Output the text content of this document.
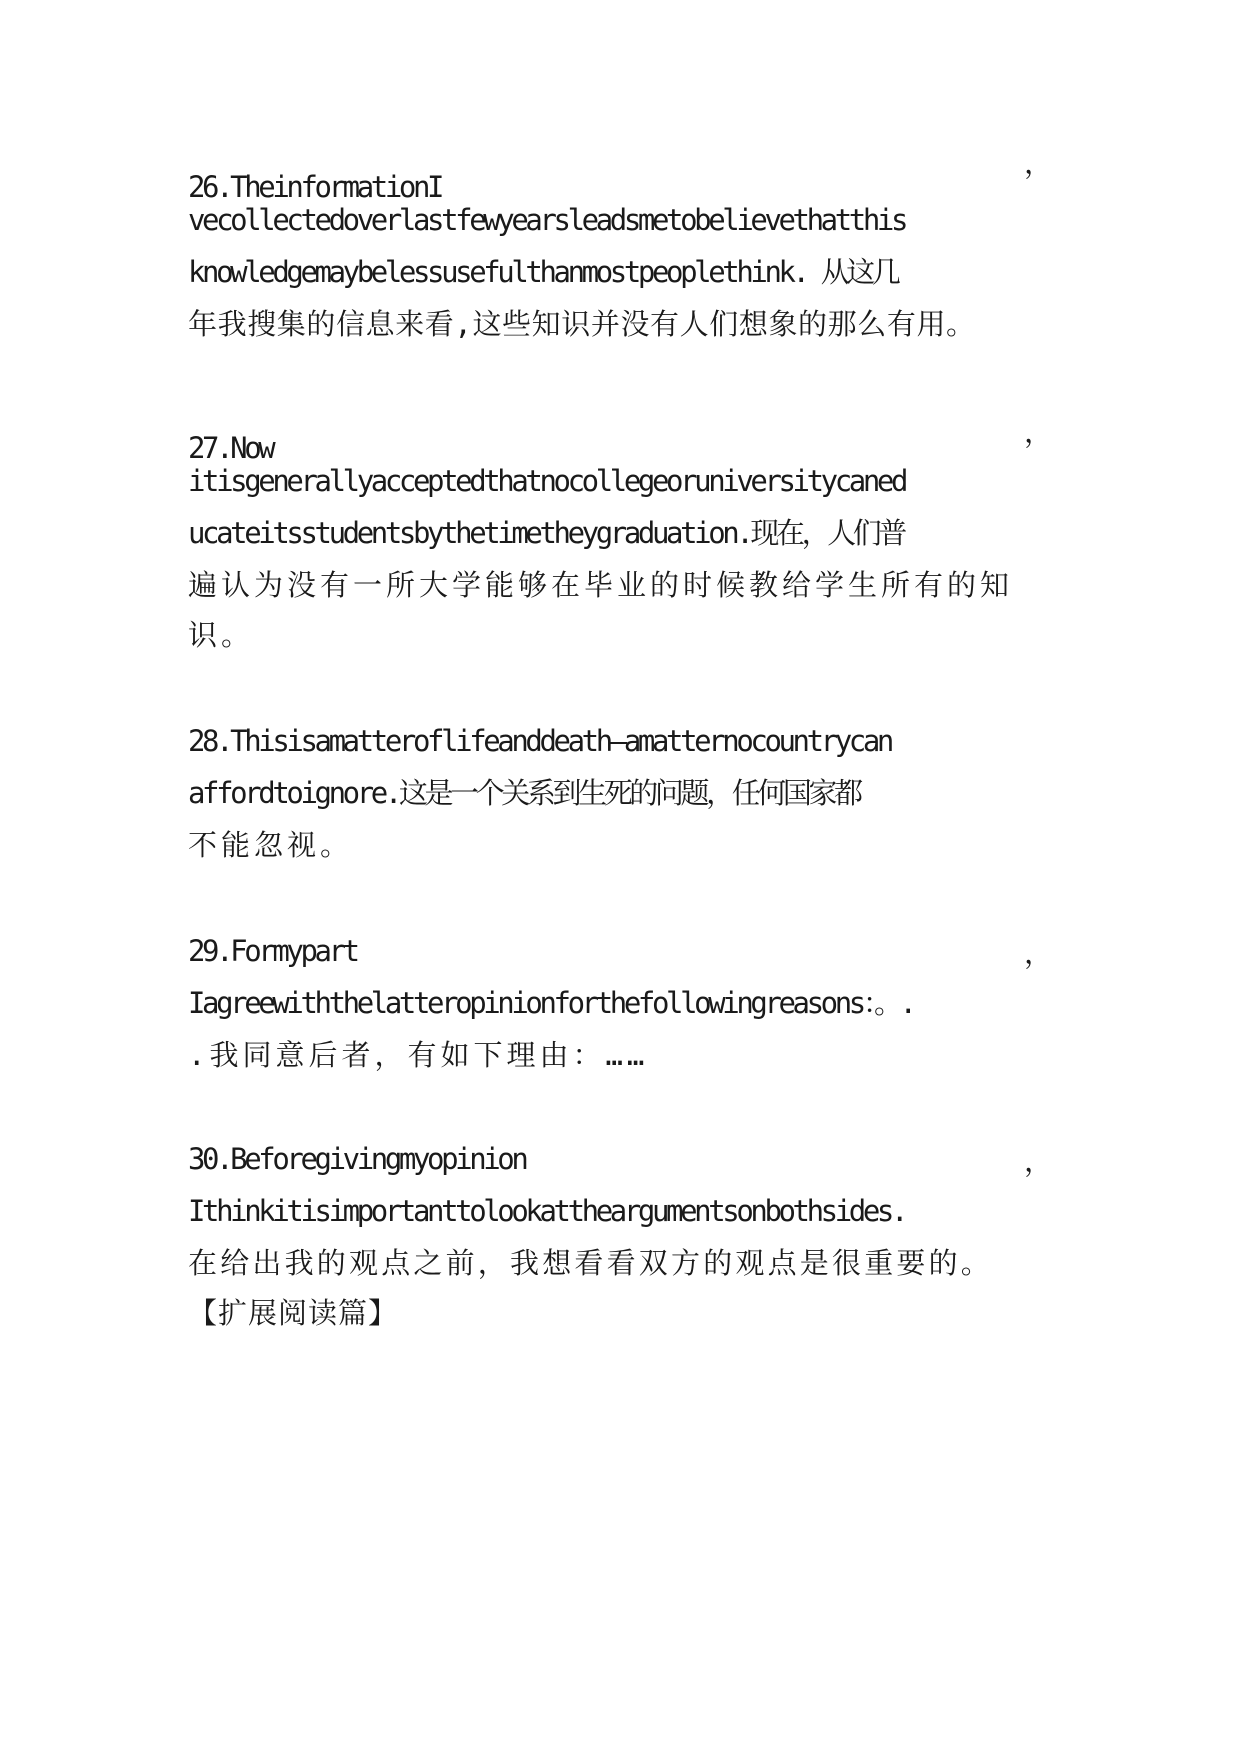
26.TheinformationI
，
vecollectedoverlastfewyearsleadsmetobelievethatthis
knowledgemaybelessusefulthanmostpeoplethink. 从这几
年我搜集的信息来看,这些知识并没有人们想象的那么有用。
27.Now	，
itisgenerallyacceptedthatnocollegeoruniversitycaned
ucateitsstudentsbythetimetheygraduation.现在，人们普
遍认为没有一所大学能够在毕业的时候教给学生所有的知
识。
28.Thisisamatteroflifeanddeath—amatternocountrycan
affordtoignore.这是一个关系到生死的问题，任何国家都
不能忽视。
29.Formypart	，
Iagreewiththelatteropinionforthefollowingreasons：。.
.我同意后者，有如下理由：……
30.Beforegivingmyopinion	，
Ithinkitisimportanttolookattheargumentsonbothsides.
在给出我的观点之前，我想看看双方的观点是很重要的。
【扩展阅读篇】
